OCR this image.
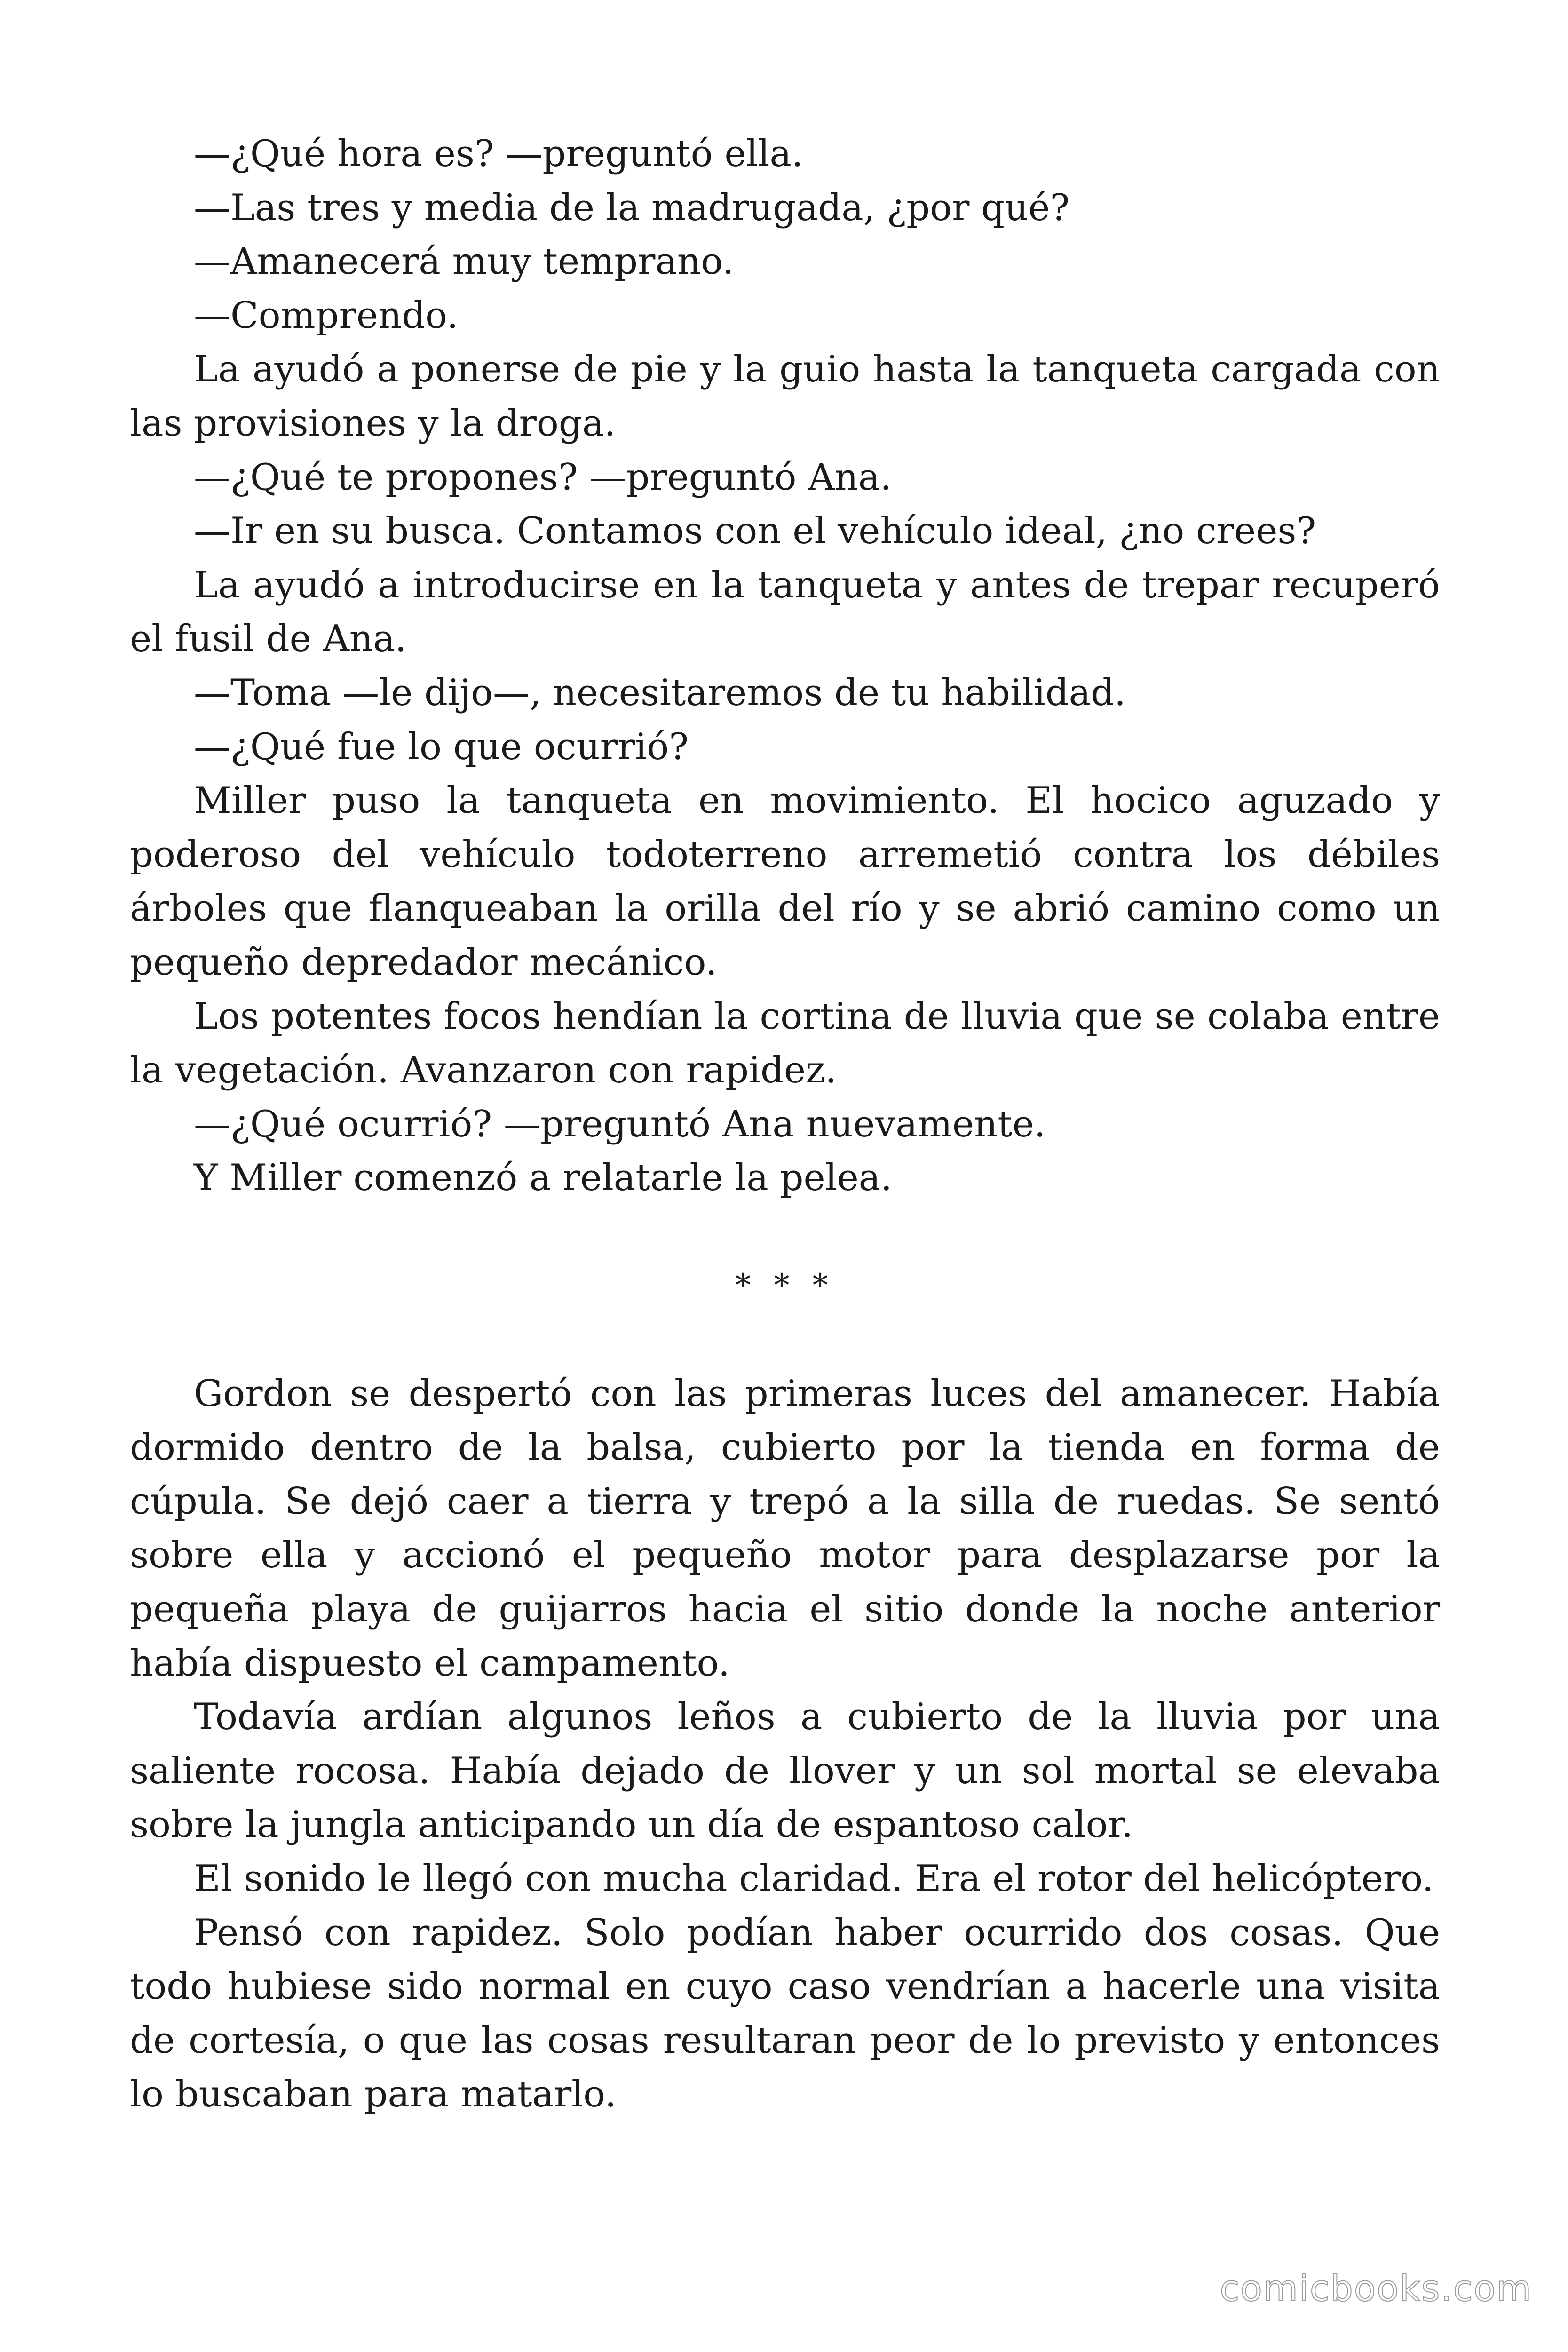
—¿Qué hora es? —preguntó ella.

—Las tres y media de la madrugada, ¿por qué?

—Amanecerá muy temprano.

—Comprendo.

La ayudó a ponerse de pie y la guio hasta la tanqueta cargada con las provisiones y la droga.

—¿Qué te propones? —preguntó Ana.

—Ir en su busca. Contamos con el vehículo ideal, ¿no crees?

La ayudó a introducirse en la tanqueta y antes de trepar recuperó el fusil de Ana.

—Toma —le dijo—, necesitaremos de tu habilidad.

—¿Qué fue lo que ocurrió?

Miller puso la tanqueta en movimiento. El hocico aguzado y poderoso del vehículo todoterreno arremetió contra los débiles árboles que flanqueaban la orilla del río y se abrió camino como un pequeño depredador mecánico.

Los potentes focos hendían la cortina de lluvia que se colaba entre la vegetación. Avanzaron con rapidez.

—¿Qué ocurrió? —preguntó Ana nuevamente.

Y Miller comenzó a relatarle la pelea.

* * *

Gordon se despertó con las primeras luces del amanecer. Había dormido dentro de la balsa, cubierto por la tienda en forma de cúpula. Se dejó caer a tierra y trepó a la silla de ruedas. Se sentó sobre ella y accionó el pequeño motor para desplazarse por la pequeña playa de guijarros hacia el sitio donde la noche anterior había dispuesto el campamento.

Todavía ardían algunos leños a cubierto de la lluvia por una saliente rocosa. Había dejado de llover y un sol mortal se elevaba sobre la jungla anticipando un día de espantoso calor.

El sonido le llegó con mucha claridad. Era el rotor del helicóptero.

Pensó con rapidez. Solo podían haber ocurrido dos cosas. Que todo hubiese sido normal en cuyo caso vendrían a hacerle una visita de cortesía, o que las cosas resultaran peor de lo previsto y entonces lo buscaban para matarlo.

comicbooks.com
